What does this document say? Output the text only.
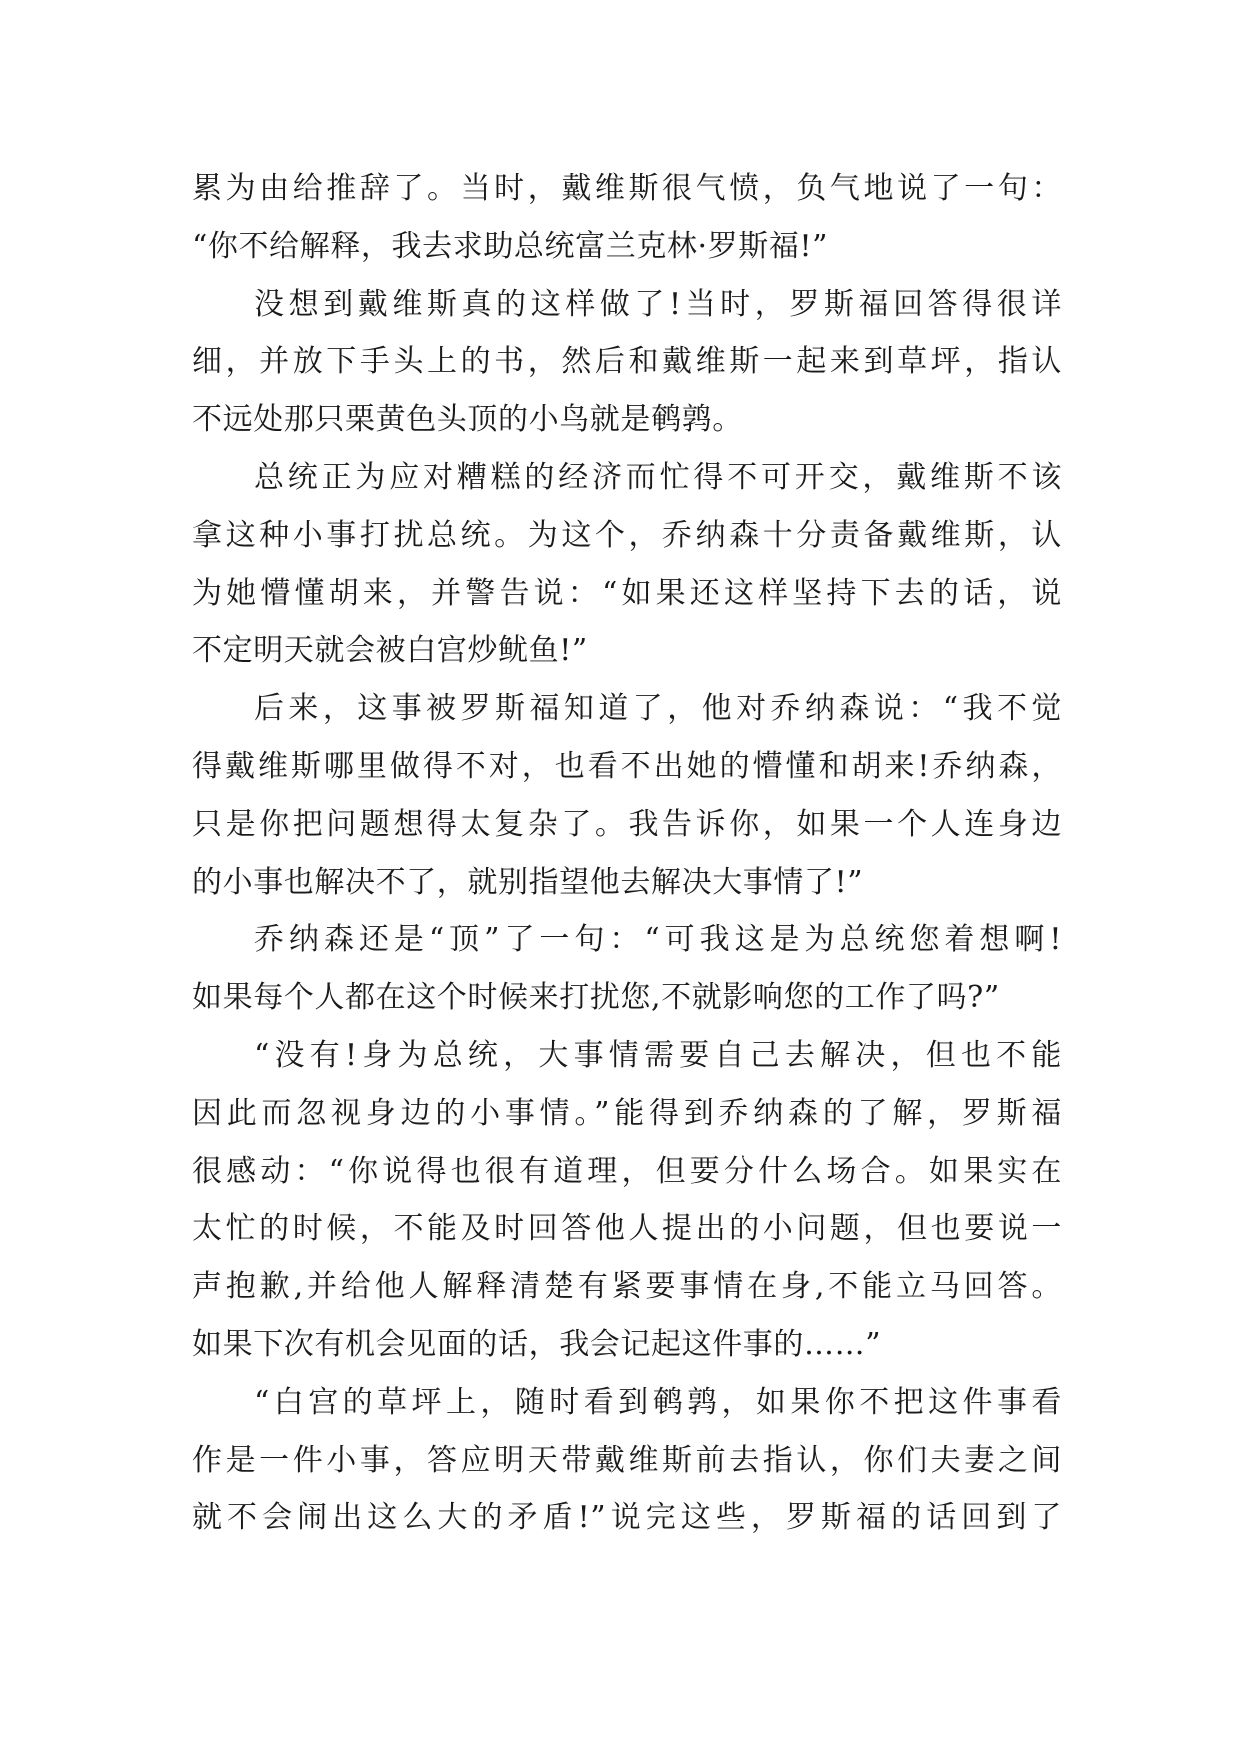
累为由给推辞了。当时，戴维斯很气愤，负气地说了一句：
“你不给解释，我去求助总统富兰克林·罗斯福!”
没想到戴维斯真的这样做了!当时，罗斯福回答得很详
细，并放下手头上的书，然后和戴维斯一起来到草坪，指认
不远处那只栗黄色头顶的小鸟就是鹌鹑。
总统正为应对糟糕的经济而忙得不可开交，戴维斯不该
拿这种小事打扰总统。为这个，乔纳森十分责备戴维斯，认
为她懵懂胡来，并警告说：“如果还这样坚持下去的话，说
不定明天就会被白宫炒鱿鱼!”
后来，这事被罗斯福知道了，他对乔纳森说：“我不觉
得戴维斯哪里做得不对，也看不出她的懵懂和胡来!乔纳森，
只是你把问题想得太复杂了。我告诉你，如果一个人连身边
的小事也解决不了，就别指望他去解决大事情了!”
乔纳森还是“顶”了一句：“可我这是为总统您着想啊!
如果每个人都在这个时候来打扰您,不就影响您的工作了吗?”
“没有!身为总统，大事情需要自己去解决，但也不能
因此而忽视身边的小事情。”能得到乔纳森的了解，罗斯福
很感动：“你说得也很有道理，但要分什么场合。如果实在
太忙的时候，不能及时回答他人提出的小问题，但也要说一
声抱歉,并给他人解释清楚有紧要事情在身,不能立马回答。
如果下次有机会见面的话，我会记起这件事的……”
“白宫的草坪上，随时看到鹌鹑，如果你不把这件事看
作是一件小事，答应明天带戴维斯前去指认，你们夫妻之间
就不会闹出这么大的矛盾!”说完这些，罗斯福的话回到了
